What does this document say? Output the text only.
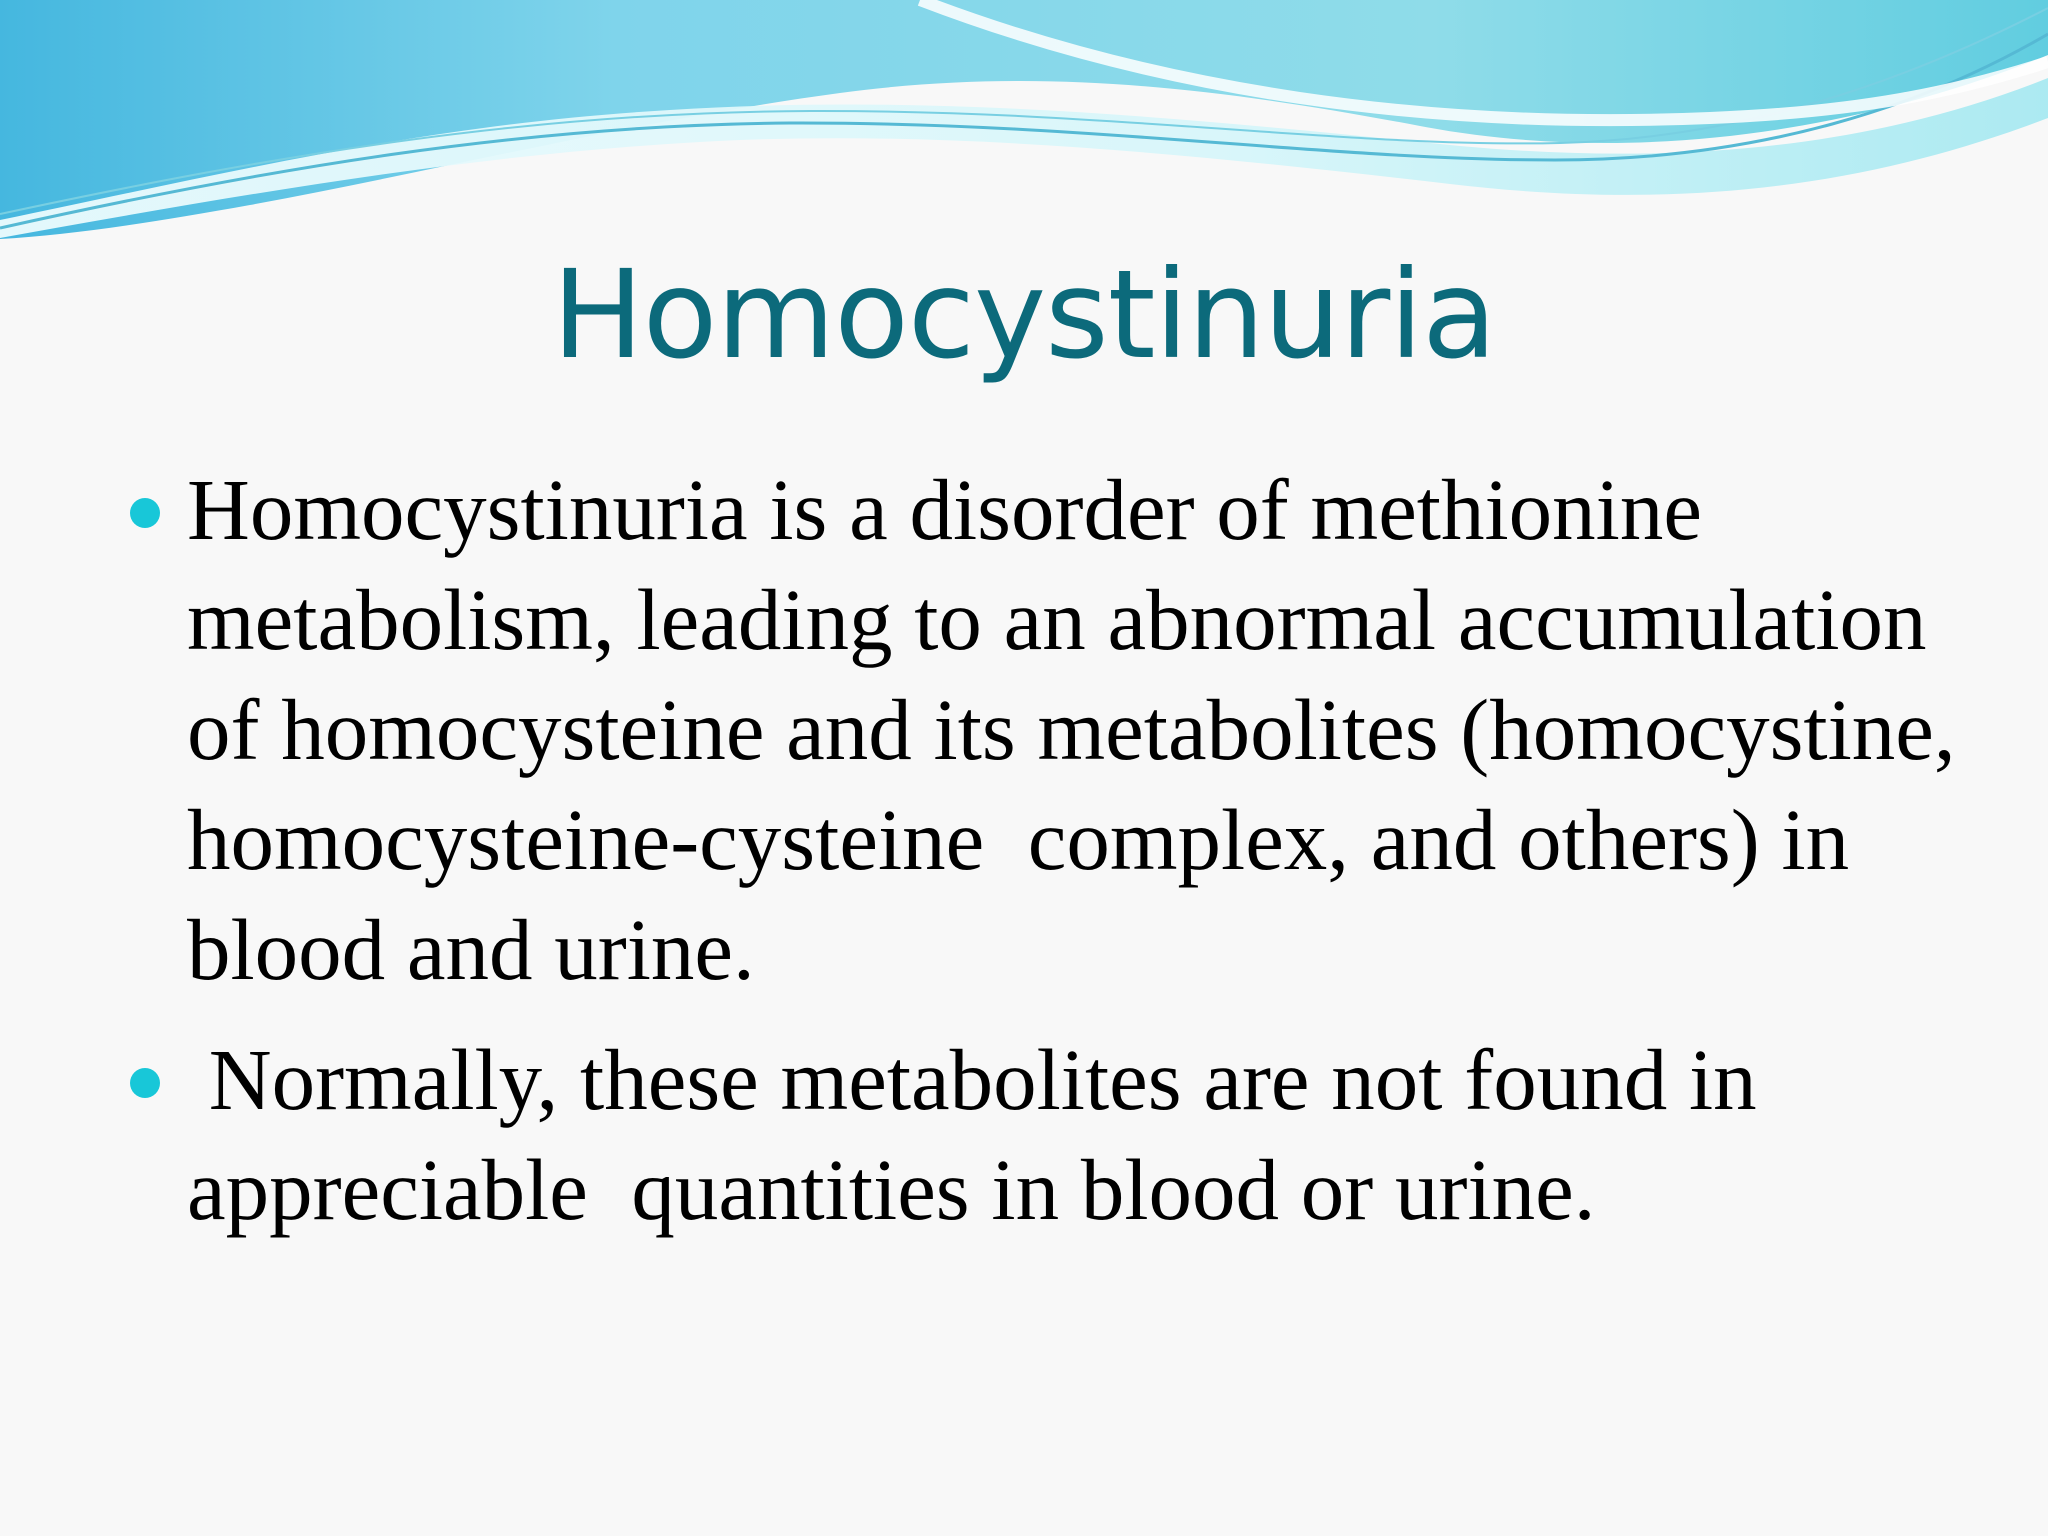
Homocystinuria
Homocystinuria is a disorder of methionine metabolism, leading to an abnormal accumulation of homocysteine and its metabolites (homocystine, homocysteine-cysteine  complex, and others) in blood and urine.
Normally, these metabolites are not found in appreciable  quantities in blood or urine.
